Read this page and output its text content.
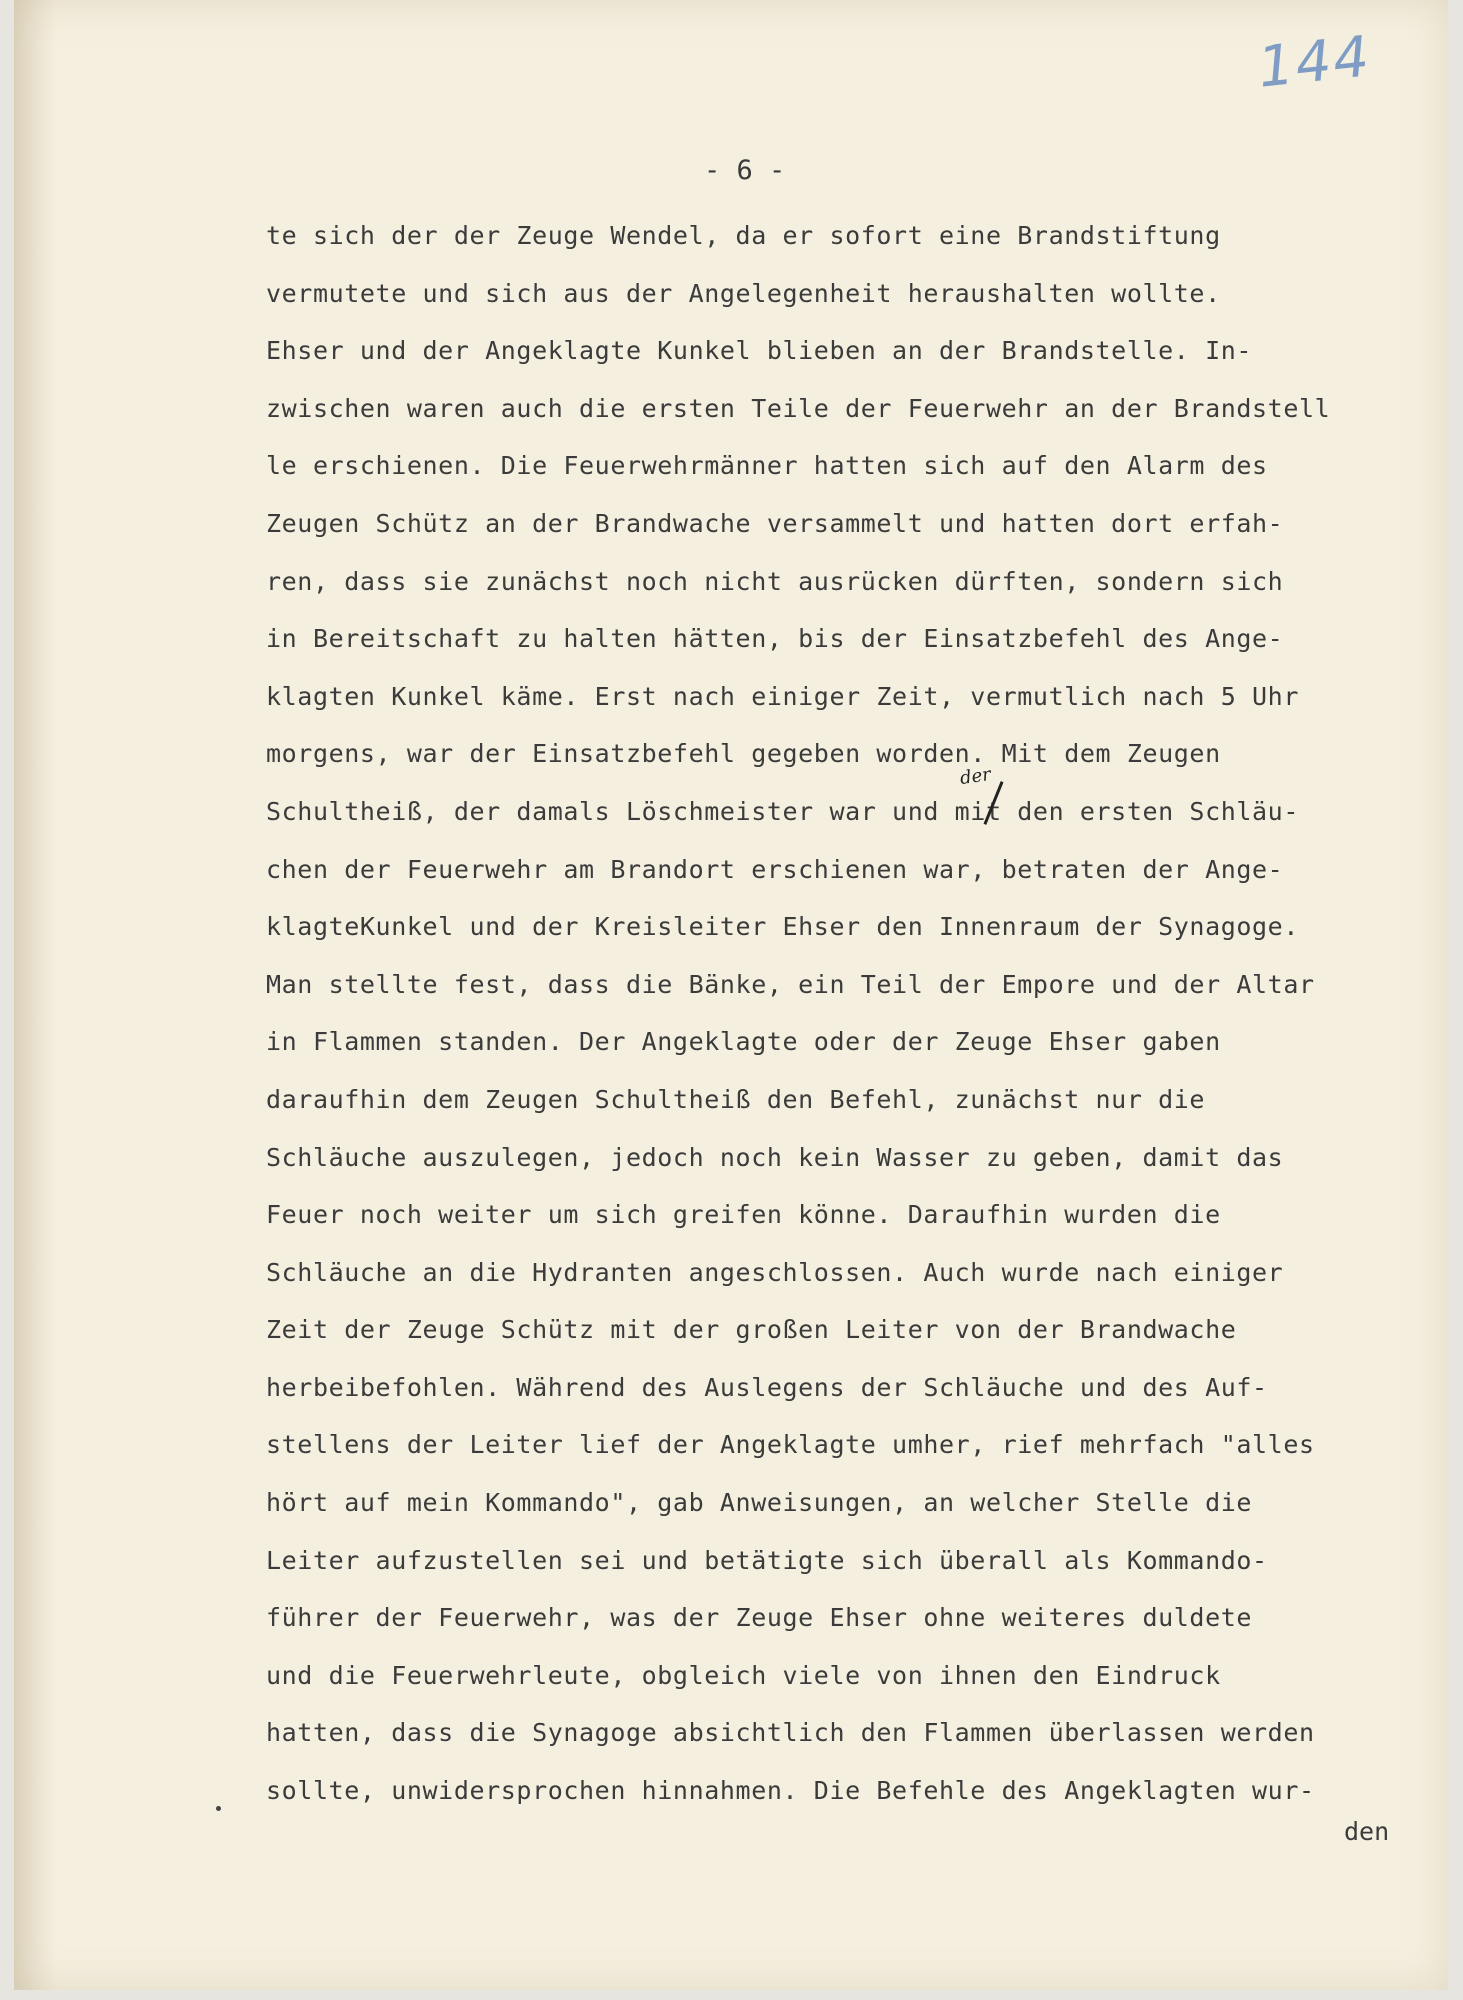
144
- 6 -
te sich der der Zeuge Wendel, da er sofort eine Brandstiftung
vermutete und sich aus der Angelegenheit heraushalten wollte.
Ehser und der Angeklagte Kunkel blieben an der Brandstelle. In-
zwischen waren auch die ersten Teile der Feuerwehr an der Brandstell
le erschienen. Die Feuerwehrmänner hatten sich auf den Alarm des
Zeugen Schütz an der Brandwache versammelt und hatten dort erfah-
ren, dass sie zunächst noch nicht ausrücken dürften, sondern sich
in Bereitschaft zu halten hätten, bis der Einsatzbefehl des Ange-
klagten Kunkel käme. Erst nach einiger Zeit, vermutlich nach 5 Uhr
morgens, war der Einsatzbefehl gegeben worden. Mit dem Zeugen
Schultheiß, der damals Löschmeister war und mit den ersten Schläu-
chen der Feuerwehr am Brandort erschienen war, betraten der Ange-
klagteKunkel und der Kreisleiter Ehser den Innenraum der Synagoge.
Man stellte fest, dass die Bänke, ein Teil der Empore und der Altar
in Flammen standen. Der Angeklagte oder der Zeuge Ehser gaben
daraufhin dem Zeugen Schultheiß den Befehl, zunächst nur die
Schläuche auszulegen, jedoch noch kein Wasser zu geben, damit das
Feuer noch weiter um sich greifen könne. Daraufhin wurden die
Schläuche an die Hydranten angeschlossen. Auch wurde nach einiger
Zeit der Zeuge Schütz mit der großen Leiter von der Brandwache
herbeibefohlen. Während des Auslegens der Schläuche und des Auf-
stellens der Leiter lief der Angeklagte umher, rief mehrfach "alles
hört auf mein Kommando", gab Anweisungen, an welcher Stelle die
Leiter aufzustellen sei und betätigte sich überall als Kommando-
führer der Feuerwehr, was der Zeuge Ehser ohne weiteres duldete
und die Feuerwehrleute, obgleich viele von ihnen den Eindruck
hatten, dass die Synagoge absichtlich den Flammen überlassen werden
sollte, unwidersprochen hinnahmen. Die Befehle des Angeklagten wur-
der
den
